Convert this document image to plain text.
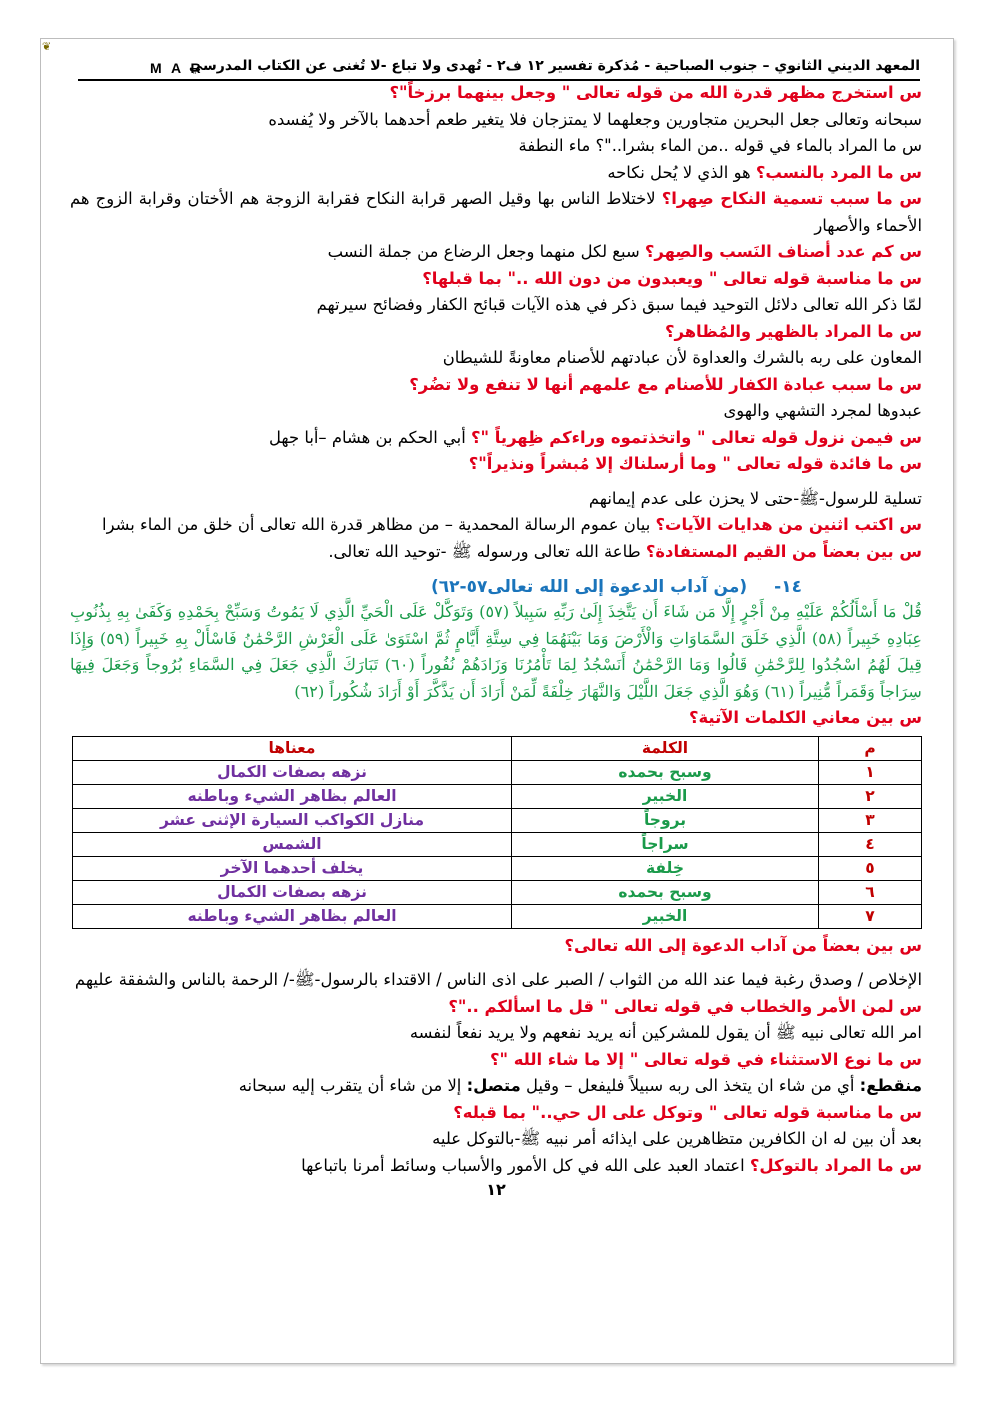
❦
المعهد الديني الثانوي – جنوب الصباحية - مُذكرة تفسير ١٢ ف٢ - تُهدى ولا تباع -لا تُغنى عن الكتاب المدرسي
M A R
س استخرج مظهر قدرة الله من قوله تعالى " وجعل بينهما برزخاً"؟
سبحانه وتعالى جعل البحرين متجاورين وجعلهما لا يمتزجان فلا يتغير طعم أحدهما بالآخر ولا يُفسده
س ما المراد بالماء في قوله ..من الماء بشرا.."؟ ماء النطفة
س ما المرد بالنسب؟ هو الذي لا يُحل نكاحه
س ما سبب تسمية النكاح صِهرا؟ لاختلاط الناس بها وقيل الصهر قرابة النكاح فقرابة الزوجة هم الأختان وقرابة الزوج هم الأحماء والأصهار
س كم عدد أصناف النَسب والصِهر؟ سبع لكل منهما وجعل الرضاع من جملة النسب
س ما مناسبة قوله تعالى " ويعبدون من دون الله .." بما قبلها؟
لمّا ذكر الله تعالى دلائل التوحيد فيما سبق ذكر في هذه الآيات قبائح الكفار وفضائح سيرتهم
س ما المراد بالظهير والمُظاهر؟
المعاون على ربه بالشرك والعداوة لأن عبادتهم للأصنام معاونةً للشيطان
س ما سبب عبادة الكفار للأصنام مع علمهم أنها لا تنفع ولا تضُر؟
عبدوها لمجرد التشهي والهوى
س فيمن نزول قوله تعالى " واتخذتموه وراءكم ظِهرياً "؟ أبي الحكم بن هشام –أبا جهل
س ما فائدة قوله تعالى " وما أرسلناك إلا مُبشراً ونذيراً"؟
تسلية للرسول-ﷺ-حتى لا يحزن على عدم إيمانهم
س اكتب اثنين من هدايات الآيات؟ بيان عموم الرسالة المحمدية – من مظاهر قدرة الله تعالى أن خلق من الماء بشرا
س بين بعضاً من القيم المستفادة؟ طاعة الله تعالى ورسوله ﷺ -توحيد الله تعالى.
١٤-     (من آداب الدعوة إلى الله تعالى٥٧-٦٢)
قُلْ مَا أَسْأَلُكُمْ عَلَيْهِ مِنْ أَجْرٍ إِلَّا مَن شَاءَ أَن يَتَّخِذَ إِلَىٰ رَبِّهِ سَبِيلاً (٥٧) وَتَوَكَّلْ عَلَى الْحَيِّ الَّذِي لَا يَمُوتُ وَسَبِّحْ بِحَمْدِهِ وَكَفَىٰ بِهِ بِذُنُوبِ عِبَادِهِ خَبِيراً (٥٨) الَّذِي خَلَقَ السَّمَاوَاتِ وَالْأَرْضَ وَمَا بَيْنَهُمَا فِي سِتَّةِ أَيَّامٍ ثُمَّ اسْتَوَىٰ عَلَى الْعَرْشِ الرَّحْمَٰنُ فَاسْأَلْ بِهِ خَبِيراً (٥٩) وَإِذَا قِيلَ لَهُمُ اسْجُدُوا لِلرَّحْمَٰنِ قَالُوا وَمَا الرَّحْمَٰنُ أَنَسْجُدُ لِمَا تَأْمُرُنَا وَزَادَهُمْ نُفُوراً (٦٠) تَبَارَكَ الَّذِي جَعَلَ فِي السَّمَاءِ بُرُوجاً وَجَعَلَ فِيهَا سِرَاجاً وَقَمَراً مُّنِيراً (٦١) وَهُوَ الَّذِي جَعَلَ اللَّيْلَ وَالنَّهَارَ خِلْفَةً لِّمَنْ أَرَادَ أَن يَذَّكَّرَ أَوْ أَرَادَ شُكُوراً (٦٢)
س بين معاني الكلمات الآتية؟
م	الكلمة	معناها
١	وسبح بحمده	نزهه بصفات الكمال
٢	الخبير	العالم بظاهر الشيء وباطنه
٣	بروجاً	منازل الكواكب السيارة الإثنى عشر
٤	سراجاً	الشمس
٥	خِلفة	يخلف أحدهما الآخر
٦	وسبح بحمده	نزهه بصفات الكمال
٧	الخبير	العالم بظاهر الشيء وباطنه
س بين بعضاً من آداب الدعوة إلى الله تعالى؟
الإخلاص / وصدق رغبة فيما عند الله من الثواب / الصبر على اذى الناس / الاقتداء بالرسول-ﷺ-/ الرحمة بالناس والشفقة عليهم
س لمن الأمر والخطاب في قوله تعالى " قل ما اسألكم .."؟
امر الله تعالى نبيه ﷺ أن يقول للمشركين أنه يريد نفعهم ولا يريد نفعاً لنفسه
س ما نوع الاستثناء في قوله تعالى " إلا ما شاء الله "؟
منقطع: أي من شاء ان يتخذ الى ربه سبيلاً فليفعل – وقيل متصل: إلا من شاء أن يتقرب إليه سبحانه
س ما مناسبة قوله تعالى " وتوكل على ال حي.." بما قبله؟
بعد أن بين له ان الكافرين متظاهرين على ايذائه أمر نبيه ﷺ-بالتوكل عليه
س ما المراد بالتوكل؟ اعتماد العبد على الله في كل الأمور والأسباب وسائط أمرنا باتباعها
١٢
